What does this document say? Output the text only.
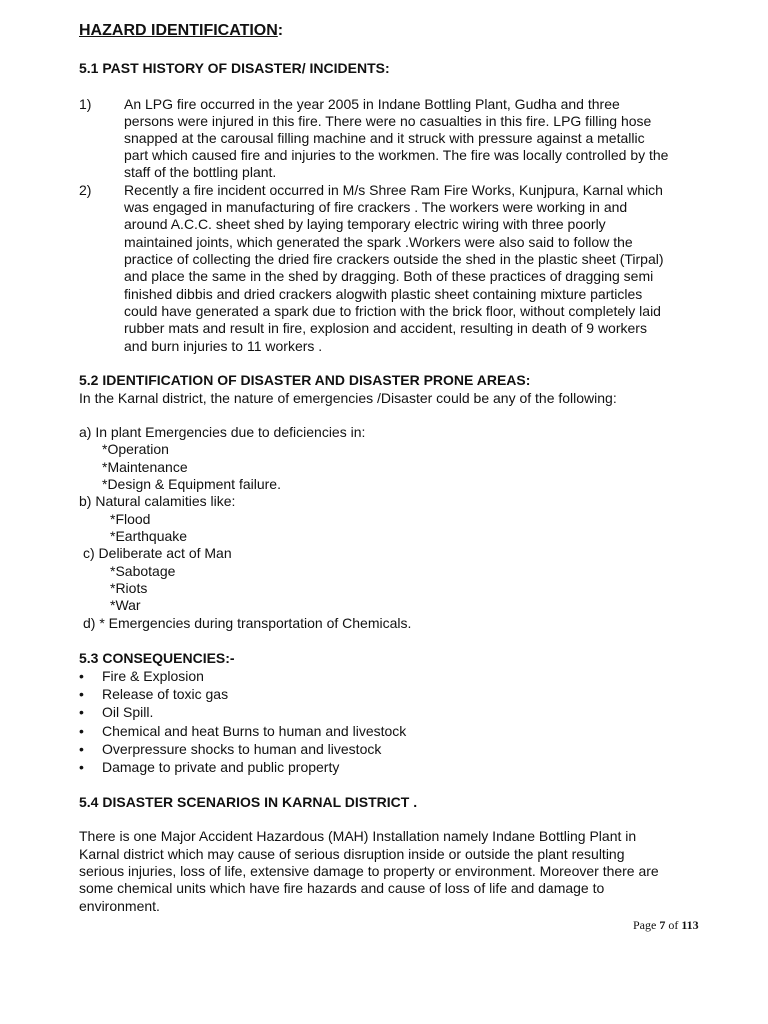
HAZARD IDENTIFICATION:
5.1 PAST HISTORY OF DISASTER/ INCIDENTS:
1) An LPG fire occurred in the year 2005 in Indane Bottling Plant, Gudha and three
persons were injured in this fire. There were no casualties in this fire. LPG filling hose
snapped at the carousal filling machine and it struck with pressure against a metallic
part which caused fire and injuries to the workmen. The fire was locally controlled by the
staff of the bottling plant.
2) Recently a fire incident occurred in M/s Shree Ram Fire Works, Kunjpura, Karnal which
was engaged in manufacturing of fire crackers . The workers were working in and
around A.C.C. sheet shed by laying temporary electric wiring with three poorly
maintained joints, which generated the spark .Workers were also said to follow the
practice of collecting the dried fire crackers outside the shed in the plastic sheet (Tirpal)
and place the same in the shed by dragging. Both of these practices of dragging semi
finished dibbis and dried crackers alogwith plastic sheet containing mixture particles
could have generated a spark due to friction with the brick floor, without completely laid
rubber mats and result in fire, explosion and accident, resulting in death of 9 workers
and burn injuries to 11 workers .
5.2 IDENTIFICATION OF DISASTER AND DISASTER PRONE AREAS:
In the Karnal district, the nature of emergencies /Disaster could be any of the following:
a) In plant Emergencies due to deficiencies in:
*Operation
*Maintenance
*Design & Equipment failure.
b) Natural calamities like:
*Flood
*Earthquake
c) Deliberate act of Man
*Sabotage
*Riots
*War
d) * Emergencies during transportation of Chemicals.
5.3 CONSEQUENCIES:-
• Fire & Explosion
• Release of toxic gas
• Oil Spill.
• Chemical and heat Burns to human and livestock
• Overpressure shocks to human and livestock
• Damage to private and public property
5.4 DISASTER SCENARIOS IN KARNAL DISTRICT .
There is one Major Accident Hazardous (MAH) Installation namely Indane Bottling Plant in
Karnal district which may cause of serious disruption inside or outside the plant resulting
serious injuries, loss of life, extensive damage to property or environment. Moreover there are
some chemical units which have fire hazards and cause of loss of life and damage to
environment.
Page 7 of 113
